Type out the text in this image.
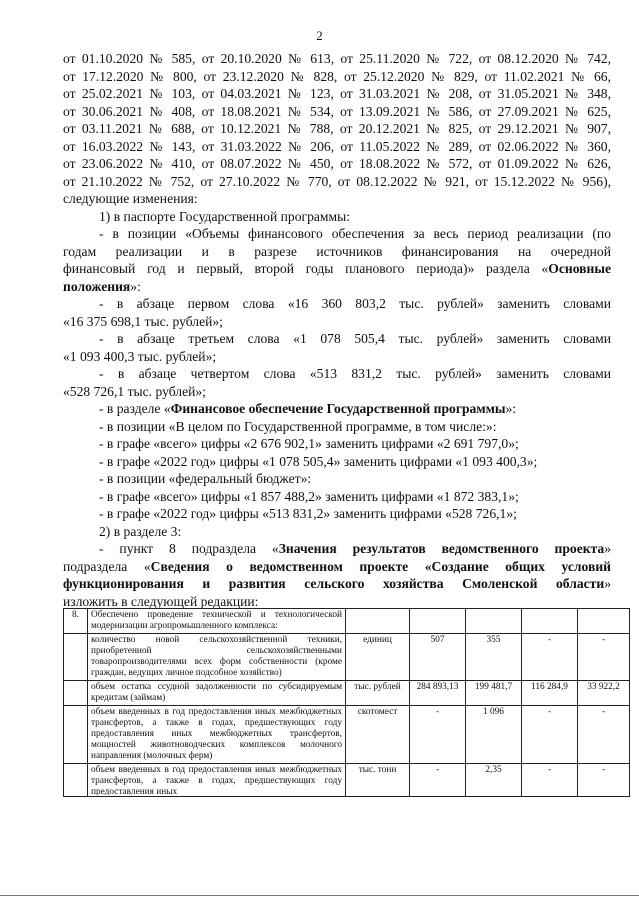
2
от 01.10.2020 № 585, от 20.10.2020 № 613, от 25.11.2020 № 722, от 08.12.2020 № 742,
от 17.12.2020 № 800, от 23.12.2020 № 828, от 25.12.2020 № 829, от 11.02.2021 № 66,
от 25.02.2021 № 103, от 04.03.2021 № 123, от 31.03.2021 № 208, от 31.05.2021 № 348,
от 30.06.2021 № 408, от 18.08.2021 № 534, от 13.09.2021 № 586, от 27.09.2021 № 625,
от 03.11.2021 № 688, от 10.12.2021 № 788, от 20.12.2021 № 825, от 29.12.2021 № 907,
от 16.03.2022 № 143, от 31.03.2022 № 206, от 11.05.2022 № 289, от 02.06.2022 № 360,
от 23.06.2022 № 410, от 08.07.2022 № 450, от 18.08.2022 № 572, от 01.09.2022 № 626,
от 21.10.2022 № 752, от 27.10.2022 № 770, от 08.12.2022 № 921, от 15.12.2022 № 956),
следующие изменения:
1) в паспорте Государственной программы:
- в позиции «Объемы финансового обеспечения за весь период реализации (по
годам реализации и в разрезе источников финансирования на очередной
финансовый год и первый, второй годы планового периода)» раздела «Основные
положения»:
- в абзаце первом слова «16 360 803,2 тыс. рублей» заменить словами
«16 375 698,1 тыс. рублей»;
- в абзаце третьем слова «1 078 505,4 тыс. рублей» заменить словами
«1 093 400,3 тыс. рублей»;
- в абзаце четвертом слова «513 831,2 тыс. рублей» заменить словами
«528 726,1 тыс. рублей»;
- в разделе «Финансовое обеспечение Государственной программы»:
- в позиции «В целом по Государственной программе, в том числе:»:
- в графе «всего» цифры «2 676 902,1» заменить цифрами «2 691 797,0»;
- в графе «2022 год» цифры «1 078 505,4» заменить цифрами «1 093 400,3»;
- в позиции «федеральный бюджет»:
- в графе «всего» цифры «1 857 488,2» заменить цифрами «1 872 383,1»;
- в графе «2022 год» цифры «513 831,2» заменить цифрами «528 726,1»;
2) в разделе 3:
- пункт 8 подраздела «Значения результатов ведомственного проекта»
подраздела «Сведения о ведомственном проекте «Создание общих условий
функционирования и развития сельского хозяйства Смоленской области»
изложить в следующей редакции:
8.	Обеспечено проведение технической и технологической модернизации агропромышленного комплекса:					
	количество новой сельскохозяйственной техники, приобретенной сельскохозяйственными товаропроизводителями всех форм собственности (кроме граждан, ведущих личное подсобное хозяйство)	единиц	507	355	-	-
	объем остатка ссудной задолженности по субсидируемым кредитам (займам)	тыс. рублей	284 893,13	199 481,7	116 284,9	33 922,2
	объем введенных в год предоставления иных межбюджетных трансфертов, а также в годах, предшествующих году предоставления иных межбюджетных трансфертов, мощностей животноводческих комплексов молочного направления (молочных ферм)	скотомест	-	1 096	-	-

	объем введенных в год предоставления иных межбюджетных трансфертов, а также в годах, предшествующих году предоставления иных	тыс. тонн	-	2,35	-	-
